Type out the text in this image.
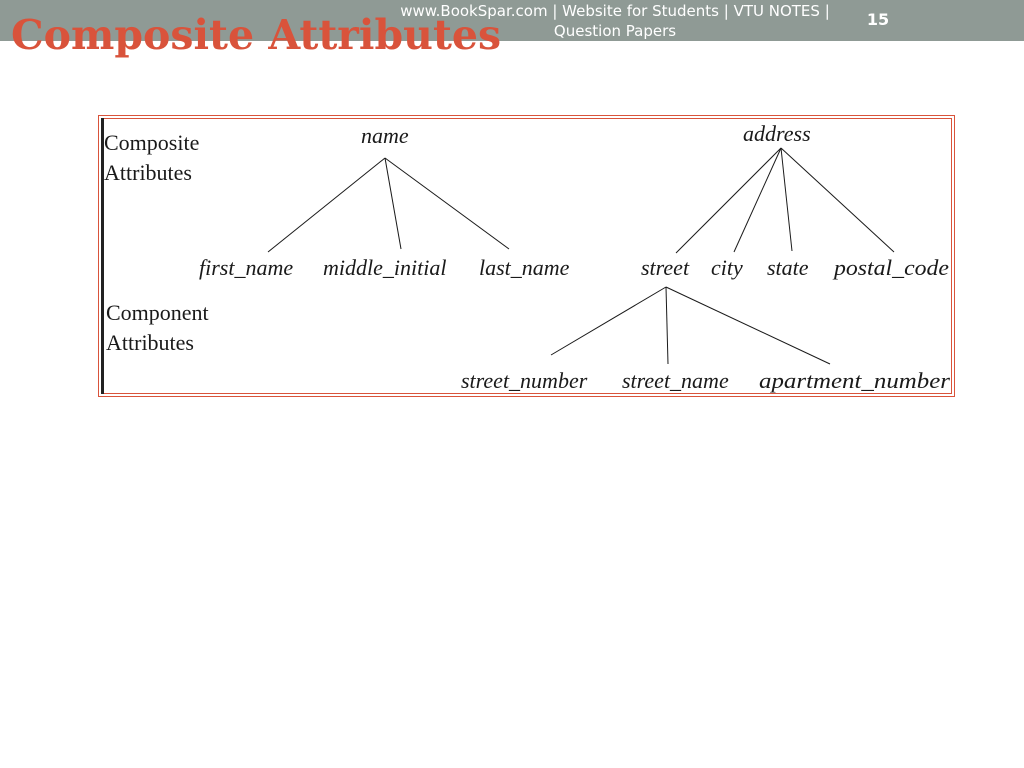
www.BookSpar.com | Website for Students | VTU NOTES | Question Papers
15
Composite Attributes
Composite
Attributes
Component
Attributes
name	address
first_name middle_initial last_name	street city state postal_code
street_number street_name apartment_number
